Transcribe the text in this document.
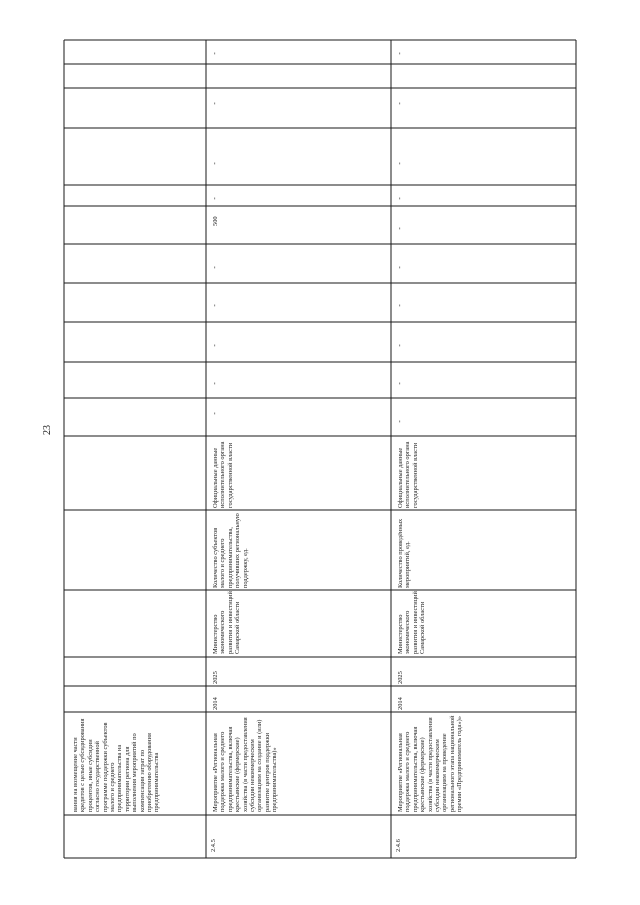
23
вания на возмещение части кредитов с целью субсидирования процентов, иные субсидии согласно государственной программе поддержки субъектов малого и среднего предпринимательства на территории региона для выполнения мероприятий по компенсации затрат по приобретению оборудования предпринимательства
2.4.5
Мероприятие «Региональная поддержка малого и среднего предпринимательства, включая крестьянские (фермерские) хозяйства (в части предоставления субсидии некоммерческим организациям на создание и (или) развитие центров поддержки предпринимательства)»
2014
2025
Министерство экономического развития и инвестиций Самарской области
Количество субъектов малого и среднего предпринимательства, получивших региональную поддержку, ед.
Официальные данные исполнительного органа государственной власти
500
2.4.6
Мероприятие «Региональная поддержка малого и среднего предпринимательства, включая крестьянские (фермерские) хозяйства (в части предоставления субсидии некоммерческим организациям на проведение регионального этапа национальной премии «Предприниматель года»)»
2014
2025
Министерство экономического развития и инвестиций Самарской области
Количество проведённых мероприятий, ед.
Официальные данные исполнительного органа государственной власти
-
-
-
-
-
-
-
-
-
-
-
-
-
-
-
-
-
-
-
